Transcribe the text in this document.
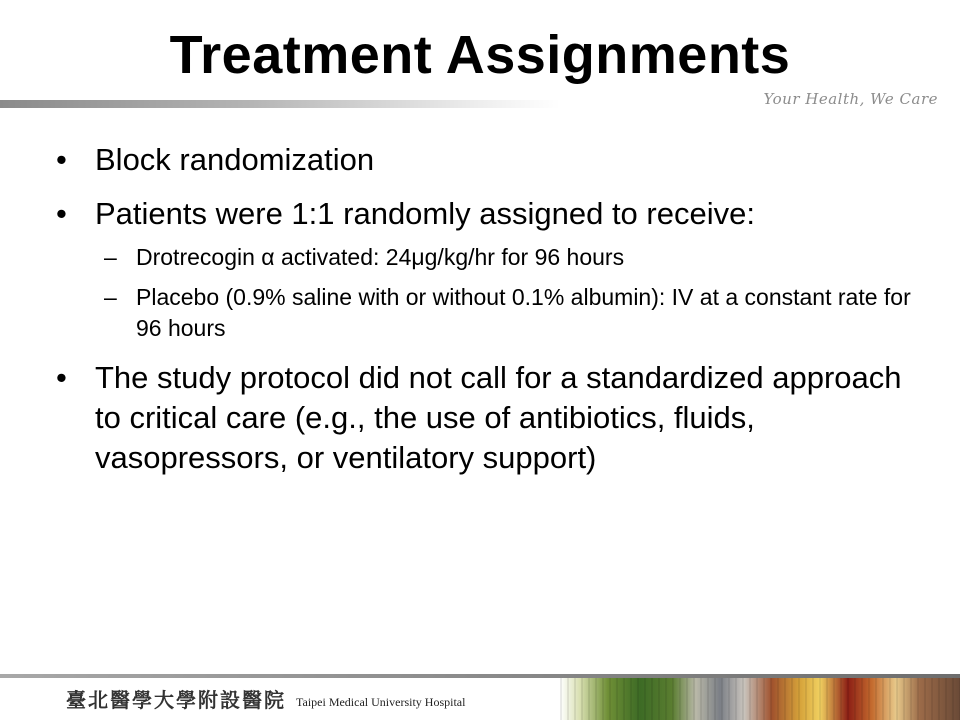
Treatment Assignments
Your Health, We Care
• Block randomization
• Patients were 1:1 randomly assigned to receive:
– Drotrecogin α activated: 24μg/kg/hr for 96 hours
– Placebo (0.9% saline with or without 0.1% albumin): IV at a constant rate for 96 hours
• The study protocol did not call for a standardized approach to critical care (e.g., the use of antibiotics, fluids, vasopressors, or ventilatory support)
臺北醫學大學附設醫院 Taipei Medical University Hospital
